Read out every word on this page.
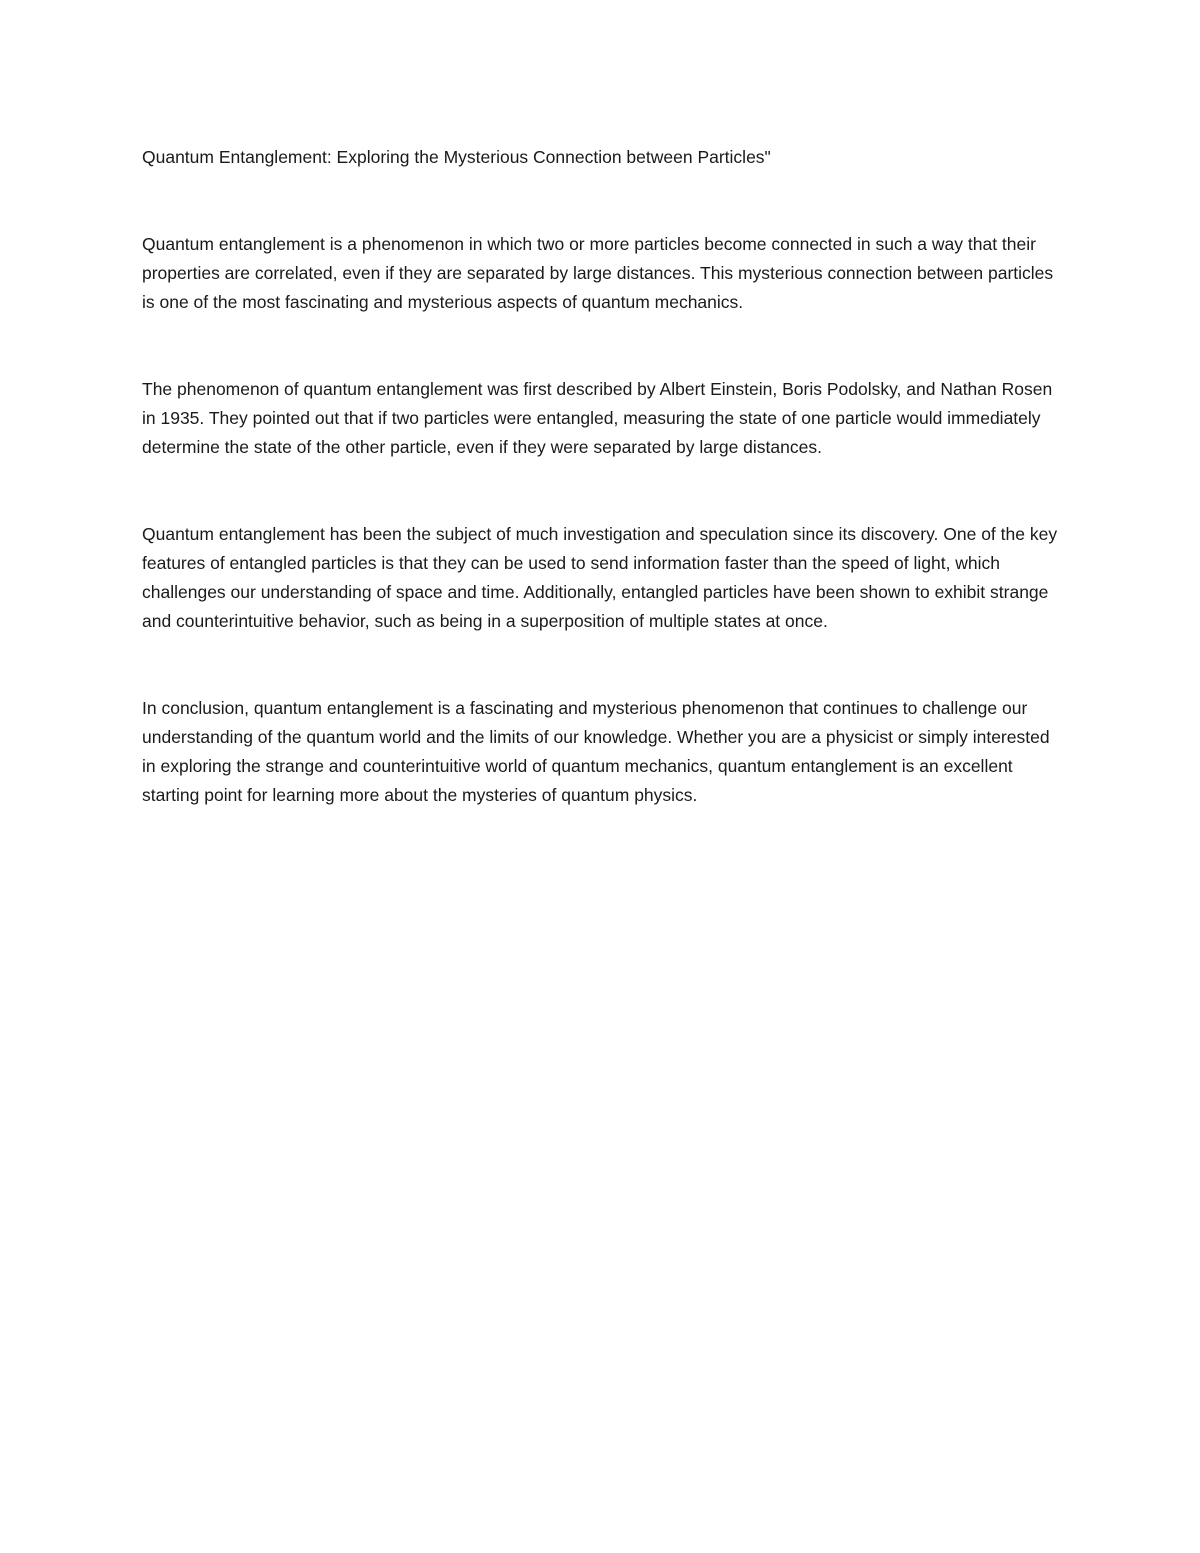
Quantum Entanglement: Exploring the Mysterious Connection between Particles"

Quantum entanglement is a phenomenon in which two or more particles become connected in such a way that their properties are correlated, even if they are separated by large distances. This mysterious connection between particles is one of the most fascinating and mysterious aspects of quantum mechanics.

The phenomenon of quantum entanglement was first described by Albert Einstein, Boris Podolsky, and Nathan Rosen in 1935. They pointed out that if two particles were entangled, measuring the state of one particle would immediately determine the state of the other particle, even if they were separated by large distances.

Quantum entanglement has been the subject of much investigation and speculation since its discovery. One of the key features of entangled particles is that they can be used to send information faster than the speed of light, which challenges our understanding of space and time. Additionally, entangled particles have been shown to exhibit strange and counterintuitive behavior, such as being in a superposition of multiple states at once.

In conclusion, quantum entanglement is a fascinating and mysterious phenomenon that continues to challenge our understanding of the quantum world and the limits of our knowledge. Whether you are a physicist or simply interested in exploring the strange and counterintuitive world of quantum mechanics, quantum entanglement is an excellent starting point for learning more about the mysteries of quantum physics.
